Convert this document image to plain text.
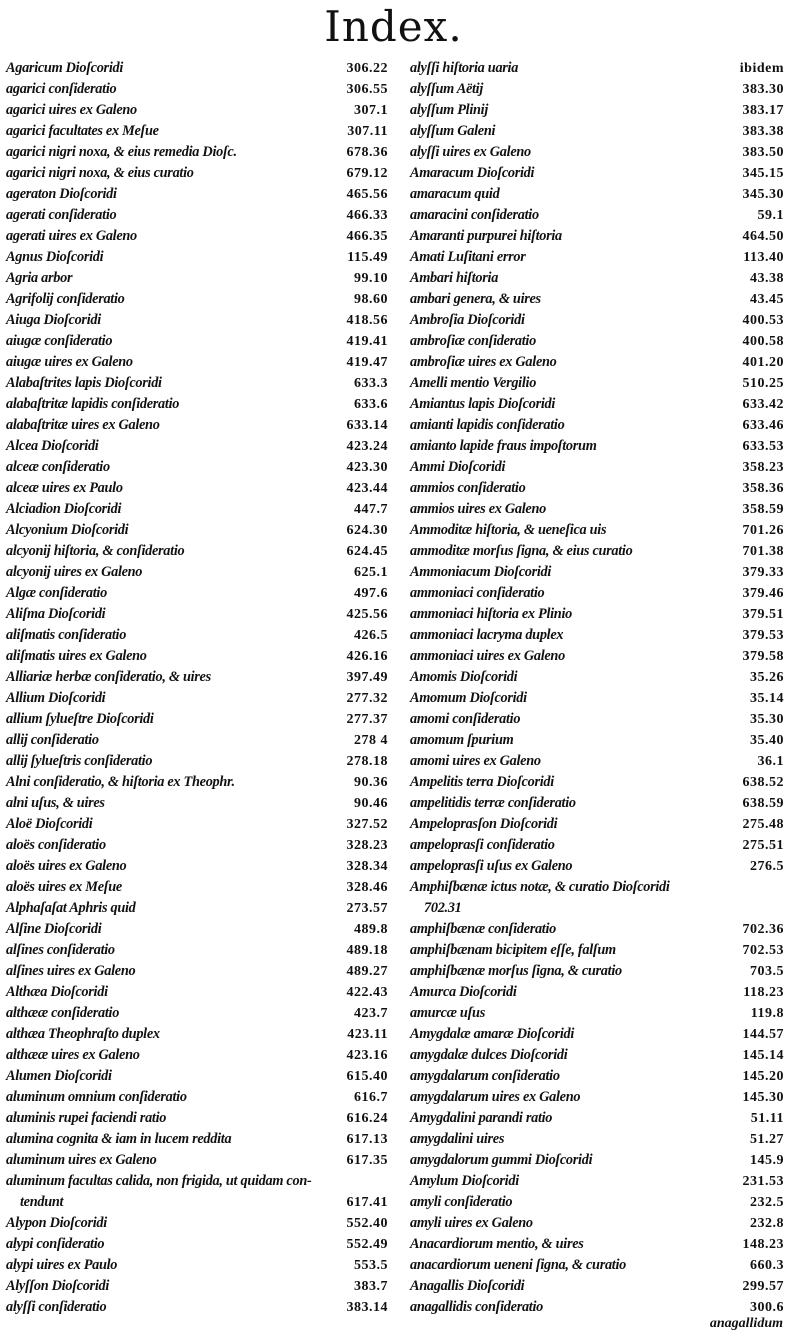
Index.
Agaricum Dioſcoridi	306.22
agarici conſideratio	306.55
agarici uires ex Galeno	307.1
agarici facultates ex Meſue	307.11
agarici nigri noxa, & eius remedia Dioſc.	678.36
agarici nigri noxa, & eius curatio	679.12
ageraton Dioſcoridi	465.56
agerati conſideratio	466.33
agerati uires ex Galeno	466.35
Agnus Dioſcoridi	115.49
Agria arbor	99.10
Agrifolij conſideratio	98.60
Aiuga Dioſcoridi	418.56
aiugæ conſideratio	419.41
aiugæ uires ex Galeno	419.47
Alabaſtrites lapis Dioſcoridi	633.3
alabaſtritæ lapidis conſideratio	633.6
alabaſtritæ uires ex Galeno	633.14
Alcea Dioſcoridi	423.24
alceæ conſideratio	423.30
alceæ uires ex Paulo	423.44
Alciadion Dioſcoridi	447.7
Alcyonium Dioſcoridi	624.30
alcyonij hiſtoria, & conſideratio	624.45
alcyonij uires ex Galeno	625.1
Algæ conſideratio	497.6
Aliſma Dioſcoridi	425.56
aliſmatis conſideratio	426.5
aliſmatis uires ex Galeno	426.16
Alliariæ herbæ conſideratio, & uires	397.49
Allium Dioſcoridi	277.32
allium ſylueſtre Dioſcoridi	277.37
allij conſideratio	278 4
allij ſylueſtris conſideratio	278.18
Alni conſideratio, & hiſtoria ex Theophr.	90.36
alni uſus, & uires	90.46
Aloë Dioſcoridi	327.52
aloës conſideratio	328.23
aloës uires ex Galeno	328.34
aloës uires ex Meſue	328.46
Alphaſaſat Aphris quid	273.57
Alſine Dioſcoridi	489.8
alſines conſideratio	489.18
alſines uires ex Galeno	489.27
Althæa Dioſcoridi	422.43
althææ conſideratio	423.7
althæa Theophraſto duplex	423.11
althææ uires ex Galeno	423.16
Alumen Dioſcoridi	615.40
aluminum omnium conſideratio	616.7
aluminis rupei faciendi ratio	616.24
alumina cognita & iam in lucem reddita	617.13
aluminum uires ex Galeno	617.35
aluminum facultas calida, non frigida, ut quidam con-
tendunt	617.41
Alypon Dioſcoridi	552.40
alypi conſideratio	552.49
alypi uires ex Paulo	553.5
Alyſſon Dioſcoridi	383.7
alyſſi conſideratio	383.14
alyſſi hiſtoria uaria	ibidem
alyſſum Aëtij	383.30
alyſſum Plinij	383.17
alyſſum Galeni	383.38
alyſſi uires ex Galeno	383.50
Amaracum Dioſcoridi	345.15
amaracum quid	345.30
amaracini conſideratio	59.1
Amaranti purpurei hiſtoria	464.50
Amati Luſitani error	113.40
Ambari hiſtoria	43.38
ambari genera, & uires	43.45
Ambroſia Dioſcoridi	400.53
ambroſiæ conſideratio	400.58
ambroſiæ uires ex Galeno	401.20
Amelli mentio Vergilio	510.25
Amiantus lapis Dioſcoridi	633.42
amianti lapidis conſideratio	633.46
amianto lapide fraus impoſtorum	633.53
Ammi Dioſcoridi	358.23
ammios conſideratio	358.36
ammios uires ex Galeno	358.59
Ammoditæ hiſtoria, & ueneſica uis	701.26
ammoditæ morſus ſigna, & eius curatio	701.38
Ammoniacum Dioſcoridi	379.33
ammoniaci conſideratio	379.46
ammoniaci hiſtoria ex Plinio	379.51
ammoniaci lacryma duplex	379.53
ammoniaci uires ex Galeno	379.58
Amomis Dioſcoridi	35.26
Amomum Dioſcoridi	35.14
amomi conſideratio	35.30
amomum ſpurium	35.40
amomi uires ex Galeno	36.1
Ampelitis terra Dioſcoridi	638.52
ampelitidis terræ conſideratio	638.59
Ampeloprasſon Dioſcoridi	275.48
ampeloprasſi conſideratio	275.51
ampeloprasſi uſus ex Galeno	276.5
Amphiſbænæ ictus notæ, & curatio Dioſcoridi
702.31
amphiſbænæ conſideratio	702.36
amphiſbænam bicipitem eſſe, falſum	702.53
amphiſbænæ morſus ſigna, & curatio	703.5
Amurca Dioſcoridi	118.23
amurcæ uſus	119.8
Amygdalæ amaræ Dioſcoridi	144.57
amygdalæ dulces Dioſcoridi	145.14
amygdalarum conſideratio	145.20
amygdalarum uires ex Galeno	145.30
Amygdalini parandi ratio	51.11
amygdalini uires	51.27
amygdalorum gummi Dioſcoridi	145.9
Amylum Dioſcoridi	231.53
amyli conſideratio	232.5
amyli uires ex Galeno	232.8
Anacardiorum mentio, & uires	148.23
anacardiorum ueneni ſigna, & curatio	660.3
Anagallis Dioſcoridi	299.57
anagallidis conſideratio	300.6
anagallidum
